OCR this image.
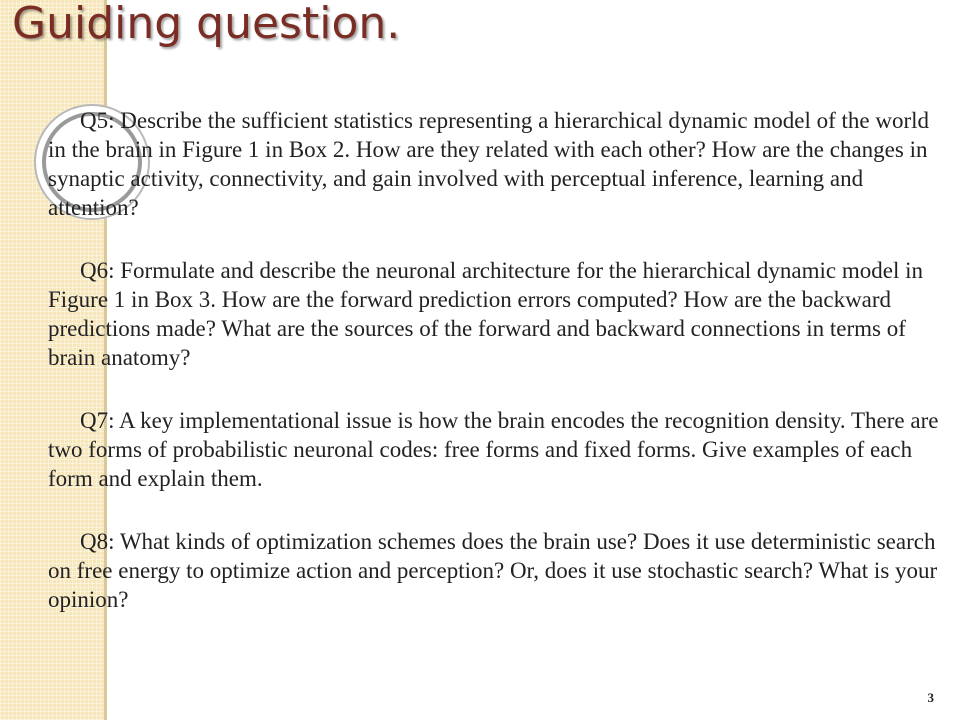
Guiding question.

Q5: Describe the sufficient statistics representing a hierarchical dynamic model of the world in the brain in Figure 1 in Box 2. How are they related with each other? How are the changes in synaptic activity, connectivity, and gain involved with perceptual inference, learning and attention?

Q6: Formulate and describe the neuronal architecture for the hierarchical dynamic model in Figure 1 in Box 3. How are the forward prediction errors computed? How are the backward predictions made? What are the sources of the forward and backward connections in terms of brain anatomy?

Q7: A key implementational issue is how the brain encodes the recognition density. There are two forms of probabilistic neuronal codes: free forms and fixed forms. Give examples of each form and explain them.

Q8: What kinds of optimization schemes does the brain use? Does it use deterministic search on free energy to optimize action and perception? Or, does it use stochastic search? What is your opinion?

3
